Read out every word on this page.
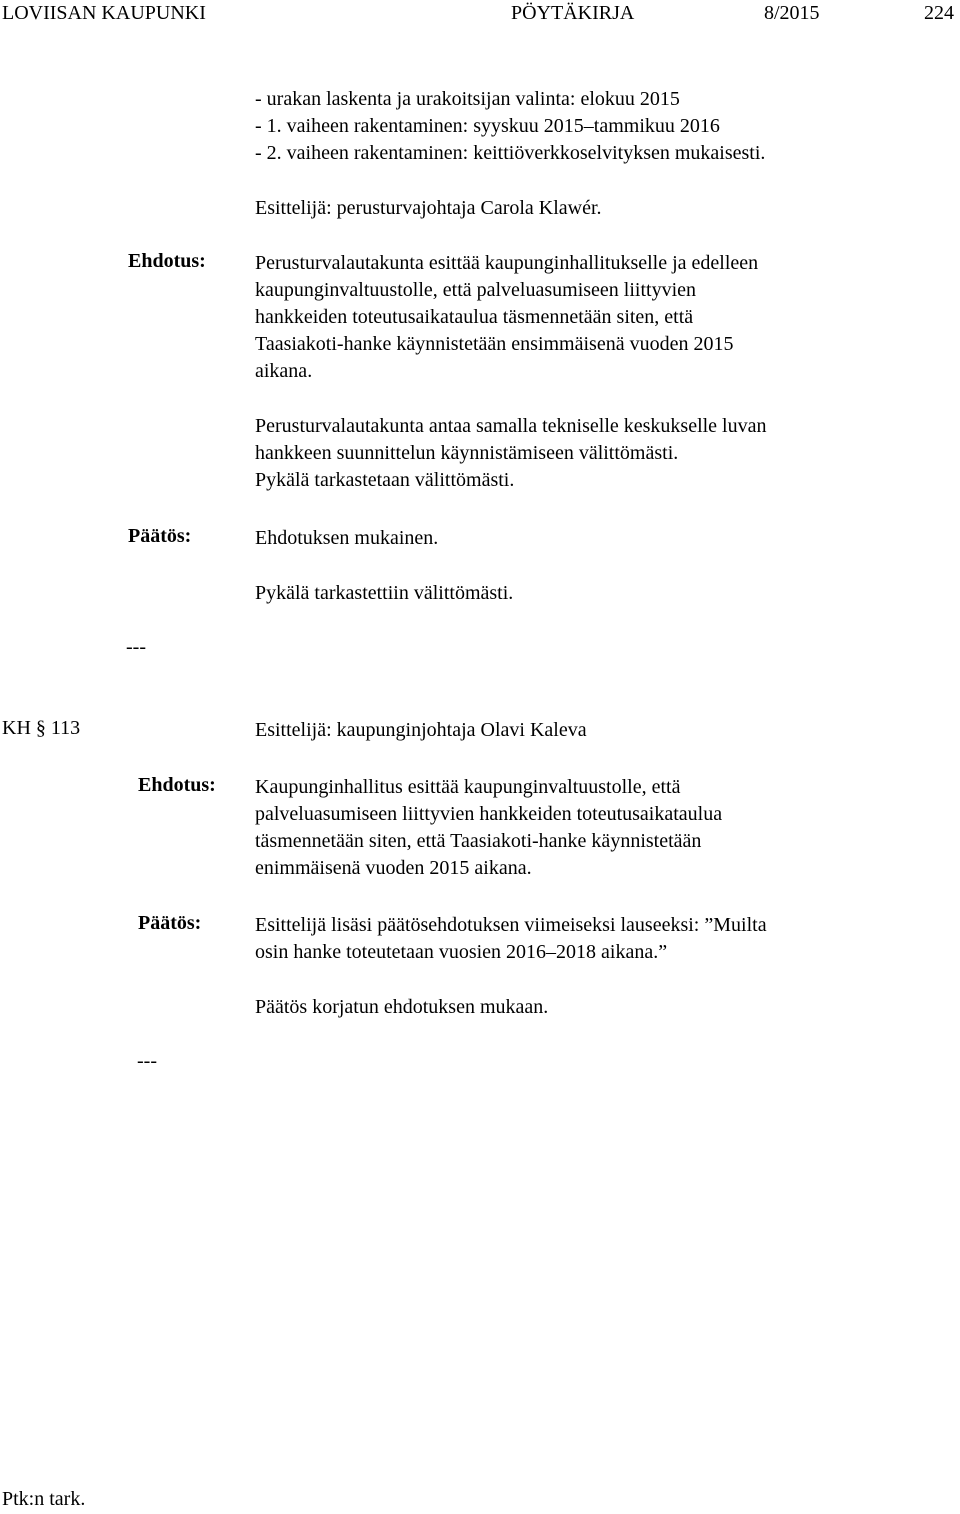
LOVIISAN KAUPUNKI	PÖYTÄKIRJA	8/2015	224
- urakan laskenta ja urakoitsijan valinta: elokuu 2015
- 1. vaiheen rakentaminen: syyskuu 2015–tammikuu 2016
- 2. vaiheen rakentaminen: keittiöverkkoselvityksen mukaisesti.
Esittelijä: perusturvajohtaja Carola Klawér.
Ehdotus: Perusturvalautakunta esittää kaupunginhallitukselle ja edelleen
kaupunginvaltuustolle, että palveluasumiseen liittyvien
hankkeiden toteutusaikataulua täsmennetään siten, että
Taasiakoti-hanke käynnistetään ensimmäisenä vuoden 2015
aikana.
Perusturvalautakunta antaa samalla tekniselle keskukselle luvan
hankkeen suunnittelun käynnistämiseen välittömästi.
Pykälä tarkastetaan välittömästi.
Päätös:	Ehdotuksen mukainen.
Pykälä tarkastettiin välittömästi.
---
KH § 113	Esittelijä: kaupunginjohtaja Olavi Kaleva
Ehdotus: Kaupunginhallitus esittää kaupunginvaltuustolle, että
palveluasumiseen liittyvien hankkeiden toteutusaikataulua
täsmennetään siten, että Taasiakoti-hanke käynnistetään
enimmäisenä vuoden 2015 aikana.
Päätös:	Esittelijä lisäsi päätösehdotuksen viimeiseksi lauseeksi: ”Muilta
osin hanke toteutetaan vuosien 2016–2018 aikana.”
Päätös korjatun ehdotuksen mukaan.
---
Ptk:n tark.
